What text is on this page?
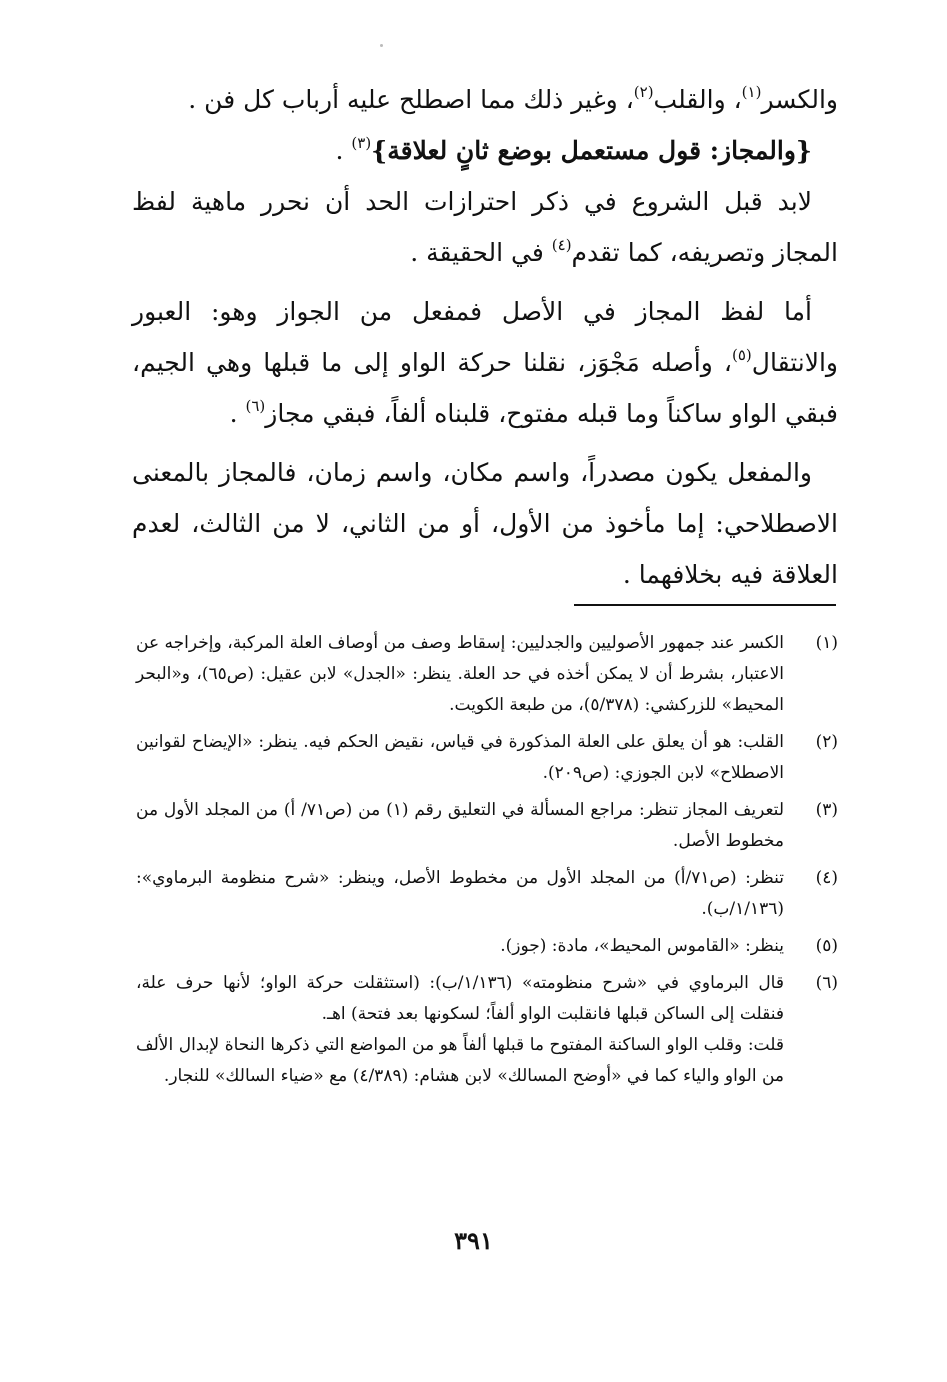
والكسر$^{(١)}$، والقلب$^{(٢)}$، وغير ذلك مما اصطلح عليه أرباب كل فن .

{والمجاز: قول مستعمل بوضع ثانٍ لعلاقة}$^{(٣)}$ .

لابد قبل الشروع في ذكر احترازات الحد أن نحرر ماهية لفظ المجاز وتصريفه، كما تقدم$^{(٤)}$ في الحقيقة .

أما لفظ المجاز في الأصل فمفعل من الجواز وهو: العبور والانتقال$^{(٥)}$، وأصله مَجْوَز، نقلنا حركة الواو إلى ما قبلها وهي الجيم، فبقي الواو ساكناً وما قبله مفتوح، قلبناه ألفاً، فبقي مجاز$^{(٦)}$ .

والمفعل يكون مصدراً، واسم مكان، واسم زمان، فالمجاز بالمعنى الاصطلاحي: إما مأخوذ من الأول، أو من الثاني، لا من الثالث، لعدم العلاقة فيه بخلافهما .

(١)

الكسر عند جمهور الأصوليين والجدليين: إسقاط وصف من أوصاف العلة المركبة، وإخراجه عن الاعتبار، بشرط أن لا يمكن أخذه في حد العلة. ينظر: «الجدل» لابن عقيل: (ص٦٥)، و«البحر المحيط» للزركشي: (٥/٣٧٨)، من طبعة الكويت.

(٢)

القلب: هو أن يعلق على العلة المذكورة في قياس، نقيض الحكم فيه. ينظر: «الإيضاح لقوانين الاصطلاح» لابن الجوزي: (ص٢٠٩).

(٣)

لتعريف المجاز تنظر: مراجع المسألة في التعليق رقم (١) من (ص٧١/ أ) من المجلد الأول من مخطوط الأصل.

(٤)

تنظر: (ص٧١/أ) من المجلد الأول من مخطوط الأصل، وينظر: «شرح منظومة البرماوي»: (١/١٣٦/ب).

(٥)

ينظر: «القاموس المحيط»، مادة: (جوز).

(٦)

قال البرماوي في «شرح منظومته» (١/١٣٦/ب): (استثقلت حركة الواو؛ لأنها حرف علة، فنقلت إلى الساكن قبلها فانقلبت الواو ألفاً؛ لسكونها بعد فتحة) اهـ.

قلت: وقلب الواو الساكنة المفتوح ما قبلها ألفاً هو من المواضع التي ذكرها النحاة لإبدال الألف من الواو والياء كما في «أوضح المسالك» لابن هشام: (٤/٣٨٩) مع «ضياء السالك» للنجار.

٣٩١
